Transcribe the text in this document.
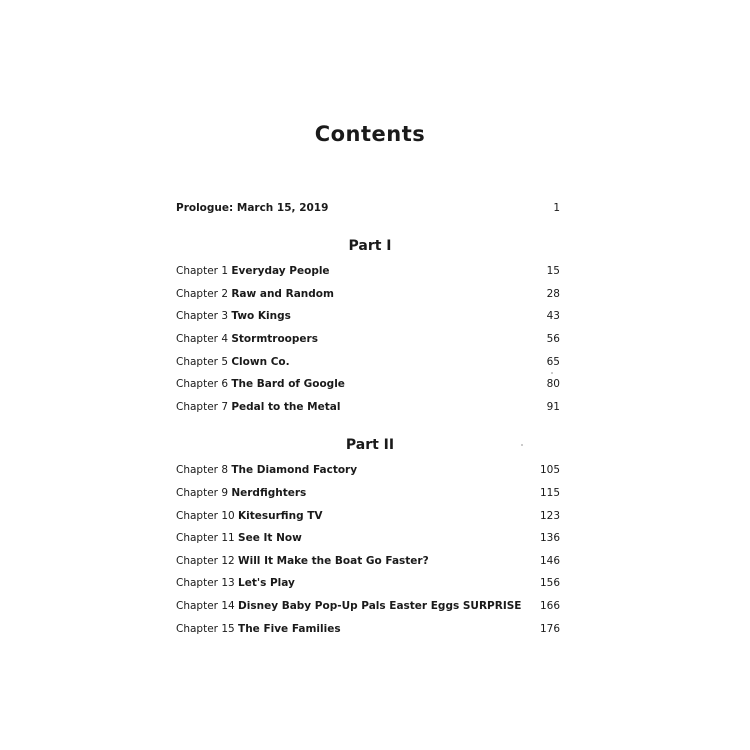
Contents
Prologue: March 15, 2019	1
Part I
Chapter 1 Everyday People	15
Chapter 2 Raw and Random	28
Chapter 3 Two Kings	43
Chapter 4 Stormtroopers	56
Chapter 5 Clown Co.	65
Chapter 6 The Bard of Google	80
Chapter 7 Pedal to the Metal	91
Part II
Chapter 8 The Diamond Factory	105
Chapter 9 Nerdfighters	115
Chapter 10 Kitesurfing TV	123
Chapter 11 See It Now	136
Chapter 12 Will It Make the Boat Go Faster?	146
Chapter 13 Let's Play	156
Chapter 14 Disney Baby Pop-Up Pals Easter Eggs SURPRISE 166
Chapter 15 The Five Families	176
